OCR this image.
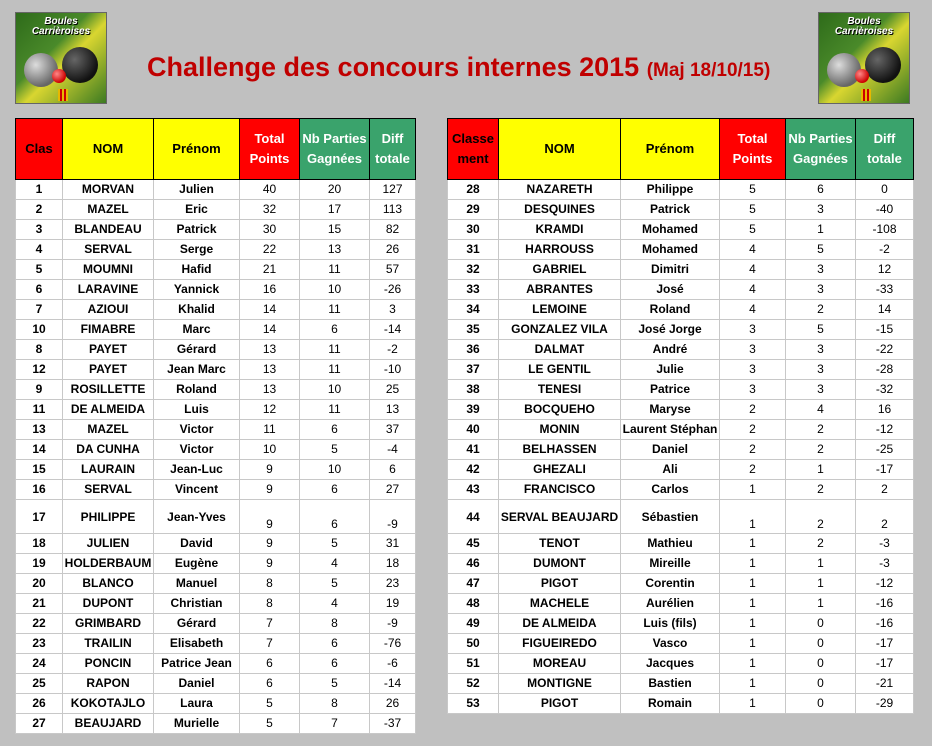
Boules
Carrièroises
Boules
Carrièroises
Challenge des concours internes 2015 (Maj 18/10/15)
Clas	NOM	Prénom	Total Points	Nb Parties Gagnées	Diff totale
1	MORVAN	Julien	40	20	127
2	MAZEL	Eric	32	17	113
3	BLANDEAU	Patrick	30	15	82
4	SERVAL	Serge	22	13	26
5	MOUMNI	Hafid	21	11	57
6	LARAVINE	Yannick	16	10	-26
7	AZIOUI	Khalid	14	11	3
10	FIMABRE	Marc	14	6	-14
8	PAYET	Gérard	13	11	-2
12	PAYET	Jean Marc	13	11	-10
9	ROSILLETTE	Roland	13	10	25
11	DE ALMEIDA	Luis	12	11	13
13	MAZEL	Victor	11	6	37
14	DA CUNHA	Victor	10	5	-4
15	LAURAIN	Jean-Luc	9	10	6
16	SERVAL	Vincent	9	6	27
17	PHILIPPE	Jean-Yves	9	6	-9
18	JULIEN	David	9	5	31
19	HOLDERBAUM	Eugène	9	4	18
20	BLANCO	Manuel	8	5	23
21	DUPONT	Christian	8	4	19
22	GRIMBARD	Gérard	7	8	-9
23	TRAILIN	Elisabeth	7	6	-76
24	PONCIN	Patrice Jean	6	6	-6
25	RAPON	Daniel	6	5	-14
26	KOKOTAJLO	Laura	5	8	26
27	BEAUJARD	Murielle	5	7	-37
Classe ment	NOM	Prénom	Total Points	Nb Parties Gagnées	Diff totale
28	NAZARETH	Philippe	5	6	0
29	DESQUINES	Patrick	5	3	-40
30	KRAMDI	Mohamed	5	1	-108
31	HARROUSS	Mohamed	4	5	-2
32	GABRIEL	Dimitri	4	3	12
33	ABRANTES	José	4	3	-33
34	LEMOINE	Roland	4	2	14
35	GONZALEZ VILA	José Jorge	3	5	-15
36	DALMAT	André	3	3	-22
37	LE GENTIL	Julie	3	3	-28
38	TENESI	Patrice	3	3	-32
39	BOCQUEHO	Maryse	2	4	16
40	MONIN	Laurent Stéphan	2	2	-12
41	BELHASSEN	Daniel	2	2	-25
42	GHEZALI	Ali	2	1	-17
43	FRANCISCO	Carlos	1	2	2
44	SERVAL BEAUJARD	Sébastien	1	2	2
45	TENOT	Mathieu	1	2	-3
46	DUMONT	Mireille	1	1	-3
47	PIGOT	Corentin	1	1	-12
48	MACHELE	Aurélien	1	1	-16
49	DE ALMEIDA	Luis (fils)	1	0	-16
50	FIGUEIREDO	Vasco	1	0	-17
51	MOREAU	Jacques	1	0	-17
52	MONTIGNE	Bastien	1	0	-21
53	PIGOT	Romain	1	0	-29
